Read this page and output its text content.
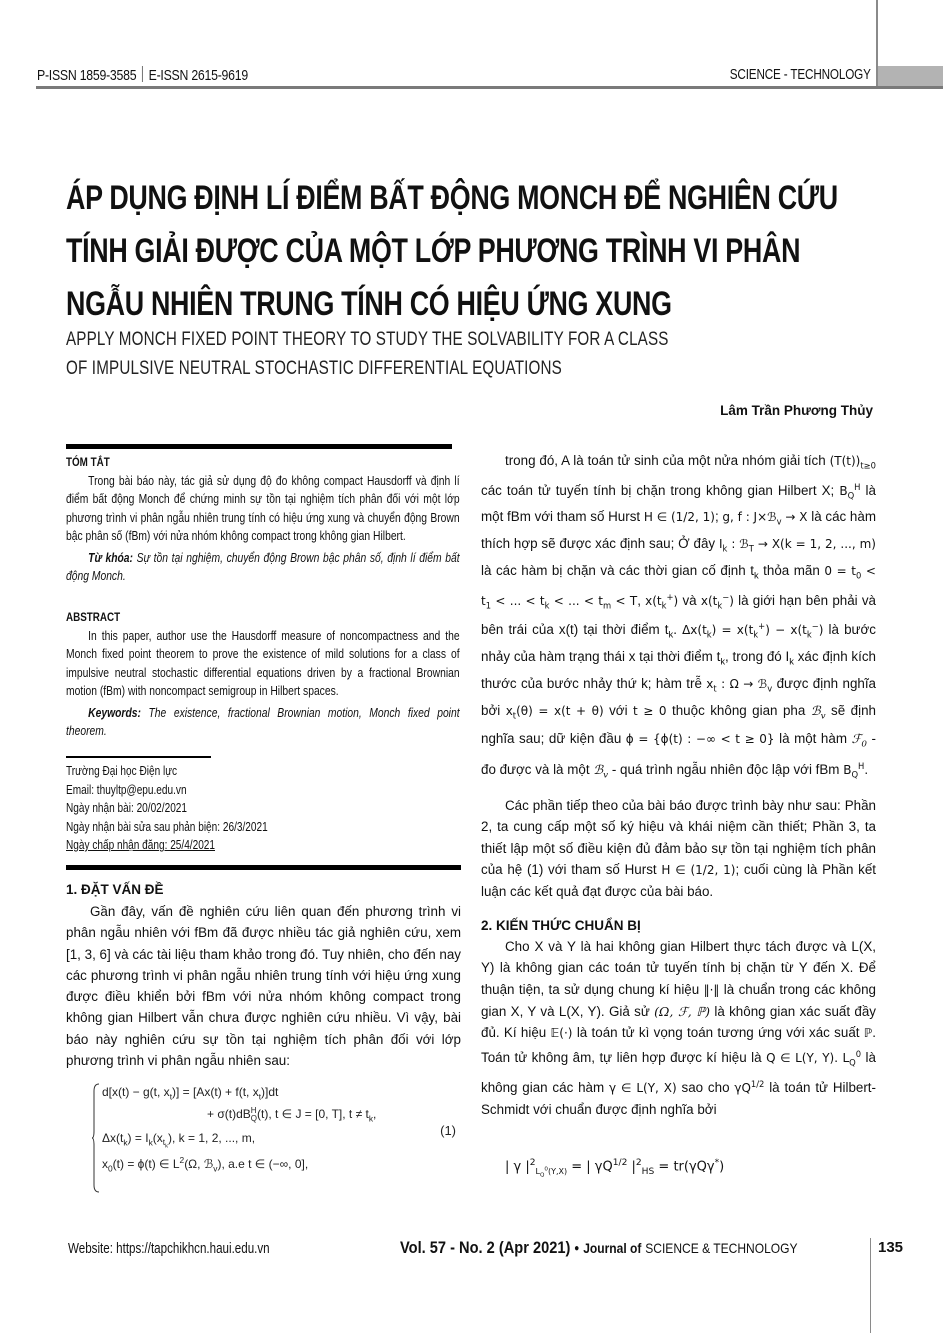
P-ISSN 1859-3585 E-ISSN 2615-9619	SCIENCE - TECHNOLOGY
ÁP DỤNG ĐỊNH LÍ ĐIỂM BẤT ĐỘNG MONCH ĐỂ NGHIÊN CỨU
TÍNH GIẢI ĐƯỢC CỦA MỘT LỚP PHƯƠNG TRÌNH VI PHÂN
NGẪU NHIÊN TRUNG TÍNH CÓ HIỆU ỨNG XUNG
APPLY MONCH FIXED POINT THEORY TO STUDY THE SOLVABILITY FOR A CLASS
OF IMPULSIVE NEUTRAL STOCHASTIC DIFFERENTIAL EQUATIONS
Lâm Trần Phương Thủy
TÓM TẮT
Trong bài báo này, tác giả sử dụng độ đo không compact Hausdorff và định lí điểm bất động Monch để chứng minh sự tồn tại nghiệm tích phân đối với một lớp phương trình vi phân ngẫu nhiên trung tính có hiệu ứng xung và chuyển động Brown bậc phân số (fBm) với nửa nhóm không compact trong không gian Hilbert.
Từ khóa: Sự tồn tại nghiệm, chuyển động Brown bậc phân số, định lí điểm bất động Monch.
ABSTRACT
In this paper, author use the Hausdorff measure of noncompactness and the Monch fixed point theorem to prove the existence of mild solutions for a class of impulsive neutral stochastic differential equations driven by a fractional Brownian motion (fBm) with noncompact semigroup in Hilbert spaces.
Keywords: The existence, fractional Brownian motion, Monch fixed point theorem.
Trường Đại học Điện lực
Email: thuyltp@epu.edu.vn
Ngày nhận bài: 20/02/2021
Ngày nhận bài sửa sau phản biện: 26/3/2021
Ngày chấp nhận đăng: 25/4/2021
1. ĐẶT VẤN ĐỀ
Gần đây, vấn đề nghiên cứu liên quan đến phương trình vi phân ngẫu nhiên với fBm đã được nhiều tác giả nghiên cứu, xem [1, 3, 6] và các tài liệu tham khảo trong đó. Tuy nhiên, cho đến nay các phương trình vi phân ngẫu nhiên trung tính với hiệu ứng xung được điều khiển bởi fBm với nửa nhóm không compact trong không gian Hilbert vẫn chưa được nghiên cứu nhiều. Vì vậy, bài báo này nghiên cứu sự tồn tại nghiệm tích phân đối với lớp phương trình vi phân ngẫu nhiên sau:
d[x(t) − g(t, $x_t)] = [Ax(t) + f(t$, $x_t)]dt$
+ σ(t)dB H
Q (t), t ∈ J = [0, T], $t \ne t_k$,
$\Delta x(t_k) = I_k(x_{t_k})$, k = 1, 2, ..., m,
$x_0(t) = \phi(t)$ ∈ $L^2(\Omega$, ℬ$_v$), a.e t ∈ (−∞, 0],
(1)
trong đó, A là toán tử sinh của một nửa nhóm giải tích $(T(t))_{t\ge 0}$ các toán tử tuyến tính bị chặn trong không gian Hilbert X; $B_Q^H$ là một fBm với tham số Hurst H ∈ (1/2, 1); g, f : J×ℬ$_v$ → X là các hàm thích hợp sẽ được xác định sau; Ở đây $I_k$ : ℬ$_T$ → X(k = 1, 2, ..., m) là các hàm bị chặn và các thời gian cố định $t_k$ thỏa mãn $0 = t_0 < t_1$ < ... < $t_k$ < ... < $t_m < T$, $x(t_k^+)$ và $x(t_k^-)$ là giới hạn bên phải và bên trái của x(t) tại thời điểm $t_k$. $\Delta x(t_k) = x(t_k^+) - x(t_k^-)$ là bước nhảy của hàm trạng thái x tại thời điểm $t_k$, trong đó $I_k$ xác định kích thước của bước nhảy thứ k; hàm trễ $x_t$ : Ω → ℬ$_v$ được định nghĩa bởi $x_t(\theta) = x(t + \theta)$ với t ≥ 0 thuộc không gian pha ℬ$_v$ sẽ định nghĩa sau; dữ kiện đầu ϕ = {ϕ(t) : −∞ < t ≥ 0} là một hàm ℱ$_0$ - đo được và là một ℬ$_v$ - quá trình ngẫu nhiên độc lập với fBm $B_Q^H$.
Các phần tiếp theo của bài báo được trình bày như sau: Phần 2, ta cung cấp một số ký hiệu và khái niệm cần thiết; Phần 3, ta thiết lập một số điều kiện đủ đảm bảo sự tồn tại nghiệm tích phân của hệ (1) với tham số Hurst H ∈ (1/2, 1); cuối cùng là Phần kết luận các kết quả đạt được của bài báo.
2. KIẾN THỨC CHUẨN BỊ
Cho X và Y là hai không gian Hilbert thực tách được và L(X, Y) là không gian các toán tử tuyến tính bị chặn từ Y đến X. Để thuận tiện, ta sử dụng chung kí hiệu ‖·‖ là chuẩn trong các không gian X, Y và L(X, Y). Giả sử (Ω, ℱ, ℙ) là không gian xác suất đầy đủ. Kí hiệu 𝔼(·) là toán tử kì vọng toán tương ứng với xác suất ℙ. Toán tử không âm, tự liên hợp được kí hiệu là Q ∈ L(Y, Y). $L_Q^0$ là không gian các hàm γ ∈ L(Y, X) sao cho $\gamma Q^{1/2}$ là toán tử Hilbert-Schmidt với chuẩn được định nghĩa bởi
| γ $|^2_{L_Q^0(Y,X)}$ = | $\gamma Q^{1/2}$ $|^2_{HS} = tr(\gamma Q\gamma^*)$
Website: https://tapchikhcn.haui.edu.vn	Vol. 57 - No. 2 (Apr 2021) ● Journal of SCIENCE & TECHNOLOGY	135
